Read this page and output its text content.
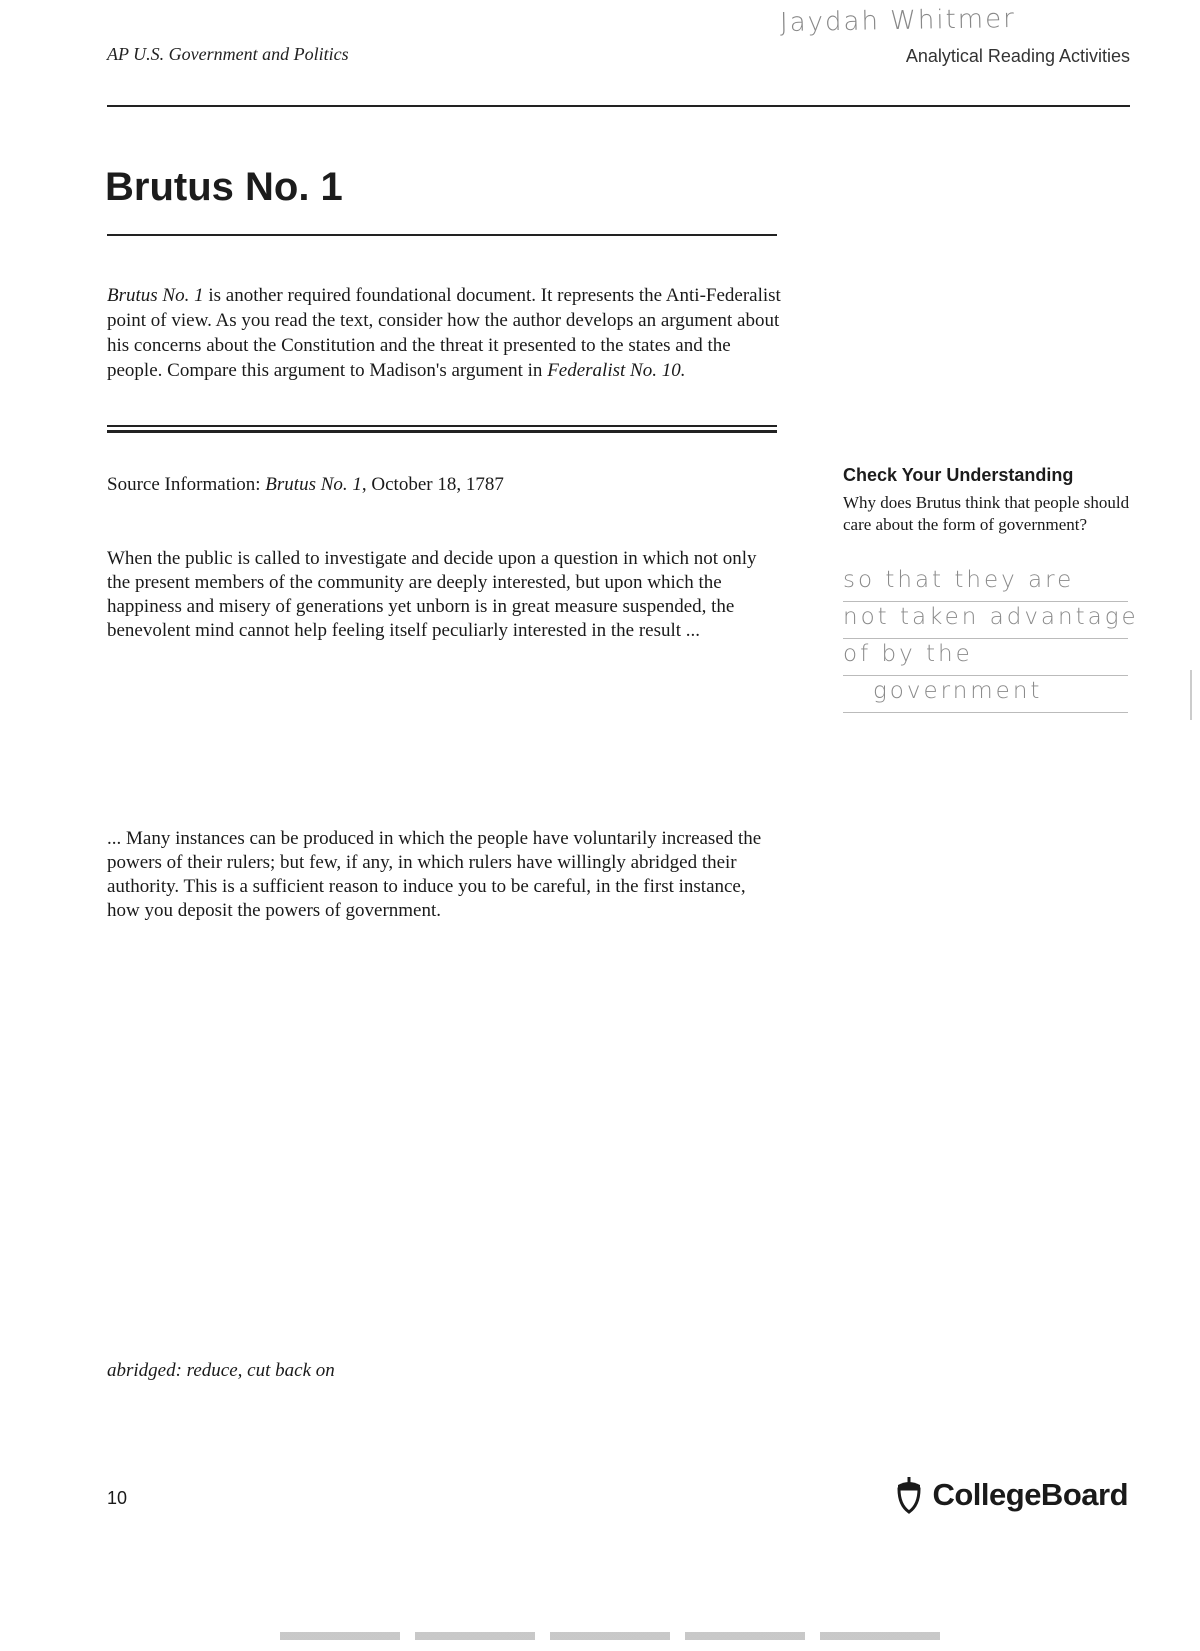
Jaydah Whitmer
AP U.S. Government and Politics	Analytical Reading Activities
Brutus No. 1
Brutus No. 1 is another required foundational document. It represents the Anti-Federalist point of view. As you read the text, consider how the author develops an argument about his concerns about the Constitution and the threat it presented to the states and the people. Compare this argument to Madison's argument in Federalist No. 10.
Source Information: Brutus No. 1, October 18, 1787
When the public is called to investigate and decide upon a question in which not only the present members of the community are deeply interested, but upon which the happiness and misery of generations yet unborn is in great measure suspended, the benevolent mind cannot help feeling itself peculiarly interested in the result ...
... Many instances can be produced in which the people have voluntarily increased the powers of their rulers; but few, if any, in which rulers have willingly abridged their authority. This is a sufficient reason to induce you to be careful, in the first instance, how you deposit the powers of government.
abridged: reduce, cut back on
Check Your Understanding
Why does Brutus think that people should care about the form of government?
so that they are
not taken advantage
of by the
government
10	CollegeBoard
